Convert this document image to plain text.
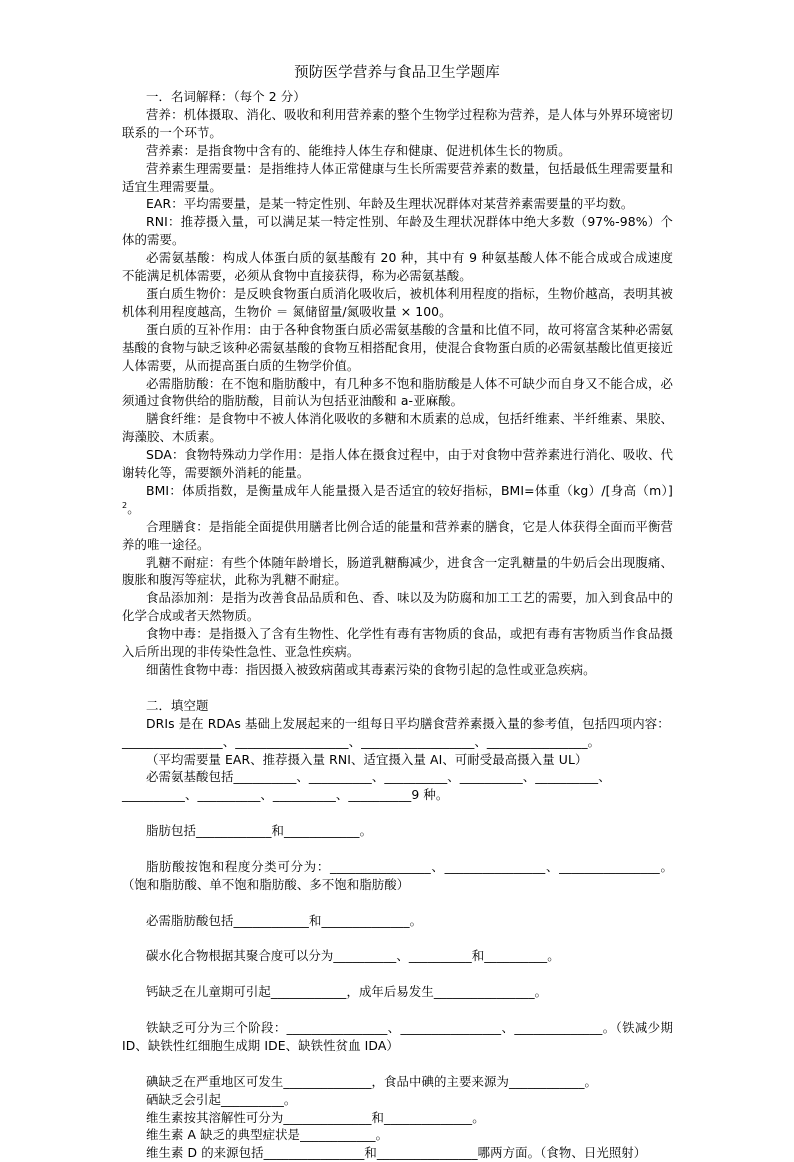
预防医学营养与食品卫生学题库

一．名词解释：（每个 2 分）

营养：机体摄取、消化、吸收和利用营养素的整个生物学过程称为营养，是人体与外界环境密切联系的一个环节。

营养素：是指食物中含有的、能维持人体生存和健康、促进机体生长的物质。

营养素生理需要量：是指维持人体正常健康与生长所需要营养素的数量，包括最低生理需要量和适宜生理需要量。

EAR：平均需要量，是某一特定性别、年龄及生理状况群体对某营养素需要量的平均数。

RNI：推荐摄入量，可以满足某一特定性别、年龄及生理状况群体中绝大多数（97%-98%）个体的需要。

必需氨基酸：构成人体蛋白质的氨基酸有 20 种，其中有 9 种氨基酸人体不能合成或合成速度不能满足机体需要，必须从食物中直接获得，称为必需氨基酸。

蛋白质生物价：是反映食物蛋白质消化吸收后，被机体利用程度的指标，生物价越高，表明其被机体利用程度越高，生物价 ＝ 氮储留量/氮吸收量 × 100。

蛋白质的互补作用：由于各种食物蛋白质必需氨基酸的含量和比值不同，故可将富含某种必需氨基酸的食物与缺乏该种必需氨基酸的食物互相搭配食用，使混合食物蛋白质的必需氨基酸比值更接近人体需要，从而提高蛋白质的生物学价值。

必需脂肪酸：在不饱和脂肪酸中，有几种多不饱和脂肪酸是人体不可缺少而自身又不能合成，必须通过食物供给的脂肪酸，目前认为包括亚油酸和 a-亚麻酸。

膳食纤维：是食物中不被人体消化吸收的多糖和木质素的总成，包括纤维素、半纤维素、果胶、海藻胶、木质素。

SDA：食物特殊动力学作用：是指人体在摄食过程中，由于对食物中营养素进行消化、吸收、代谢转化等，需要额外消耗的能量。

BMI：体质指数，是衡量成年人能量摄入是否适宜的较好指标，BMI=体重（kg）/[身高（m）]$^2$。

合理膳食：是指能全面提供用膳者比例合适的能量和营养素的膳食，它是人体获得全面而平衡营养的唯一途径。

乳糖不耐症：有些个体随年龄增长，肠道乳糖酶减少，进食含一定乳糖量的牛奶后会出现腹痛、腹胀和腹泻等症状，此称为乳糖不耐症。

食品添加剂：是指为改善食品品质和色、香、味以及为防腐和加工工艺的需要，加入到食品中的化学合成或者天然物质。

食物中毒：是指摄入了含有生物性、化学性有毒有害物质的食品，或把有毒有害物质当作食品摄入后所出现的非传染性急性、亚急性疾病。

细菌性食物中毒：指因摄入被致病菌或其毒素污染的食物引起的急性或亚急疾病。

二．填空题

DRIs 是在 RDAs 基础上发展起来的一组每日平均膳食营养素摄入量的参考值，包括四项内容：

________________、__________________、__________________、________________。

（平均需要量 EAR、推荐摄入量 RNI、适宜摄入量 AI、可耐受最高摄入量 UL）

必需氨基酸包括__________、__________、__________、__________、__________、

__________、__________、__________、__________9 种。

脂肪包括____________和____________。

脂肪酸按饱和程度分类可分为：________________、________________、________________。（饱和脂肪酸、单不饱和脂肪酸、多不饱和脂肪酸）

必需脂肪酸包括____________和______________。

碳水化合物根据其聚合度可以分为__________、__________和__________。

钙缺乏在儿童期可引起____________，成年后易发生________________。

铁缺乏可分为三个阶段：________________、________________、______________。（铁减少期 ID、缺铁性红细胞生成期 IDE、缺铁性贫血 IDA）

碘缺乏在严重地区可发生______________，食品中碘的主要来源为____________。

硒缺乏会引起__________。

维生素按其溶解性可分为______________和______________。

维生素 A 缺乏的典型症状是____________。

维生素 D 的来源包括________________和________________哪两方面。（食物、日光照射）
